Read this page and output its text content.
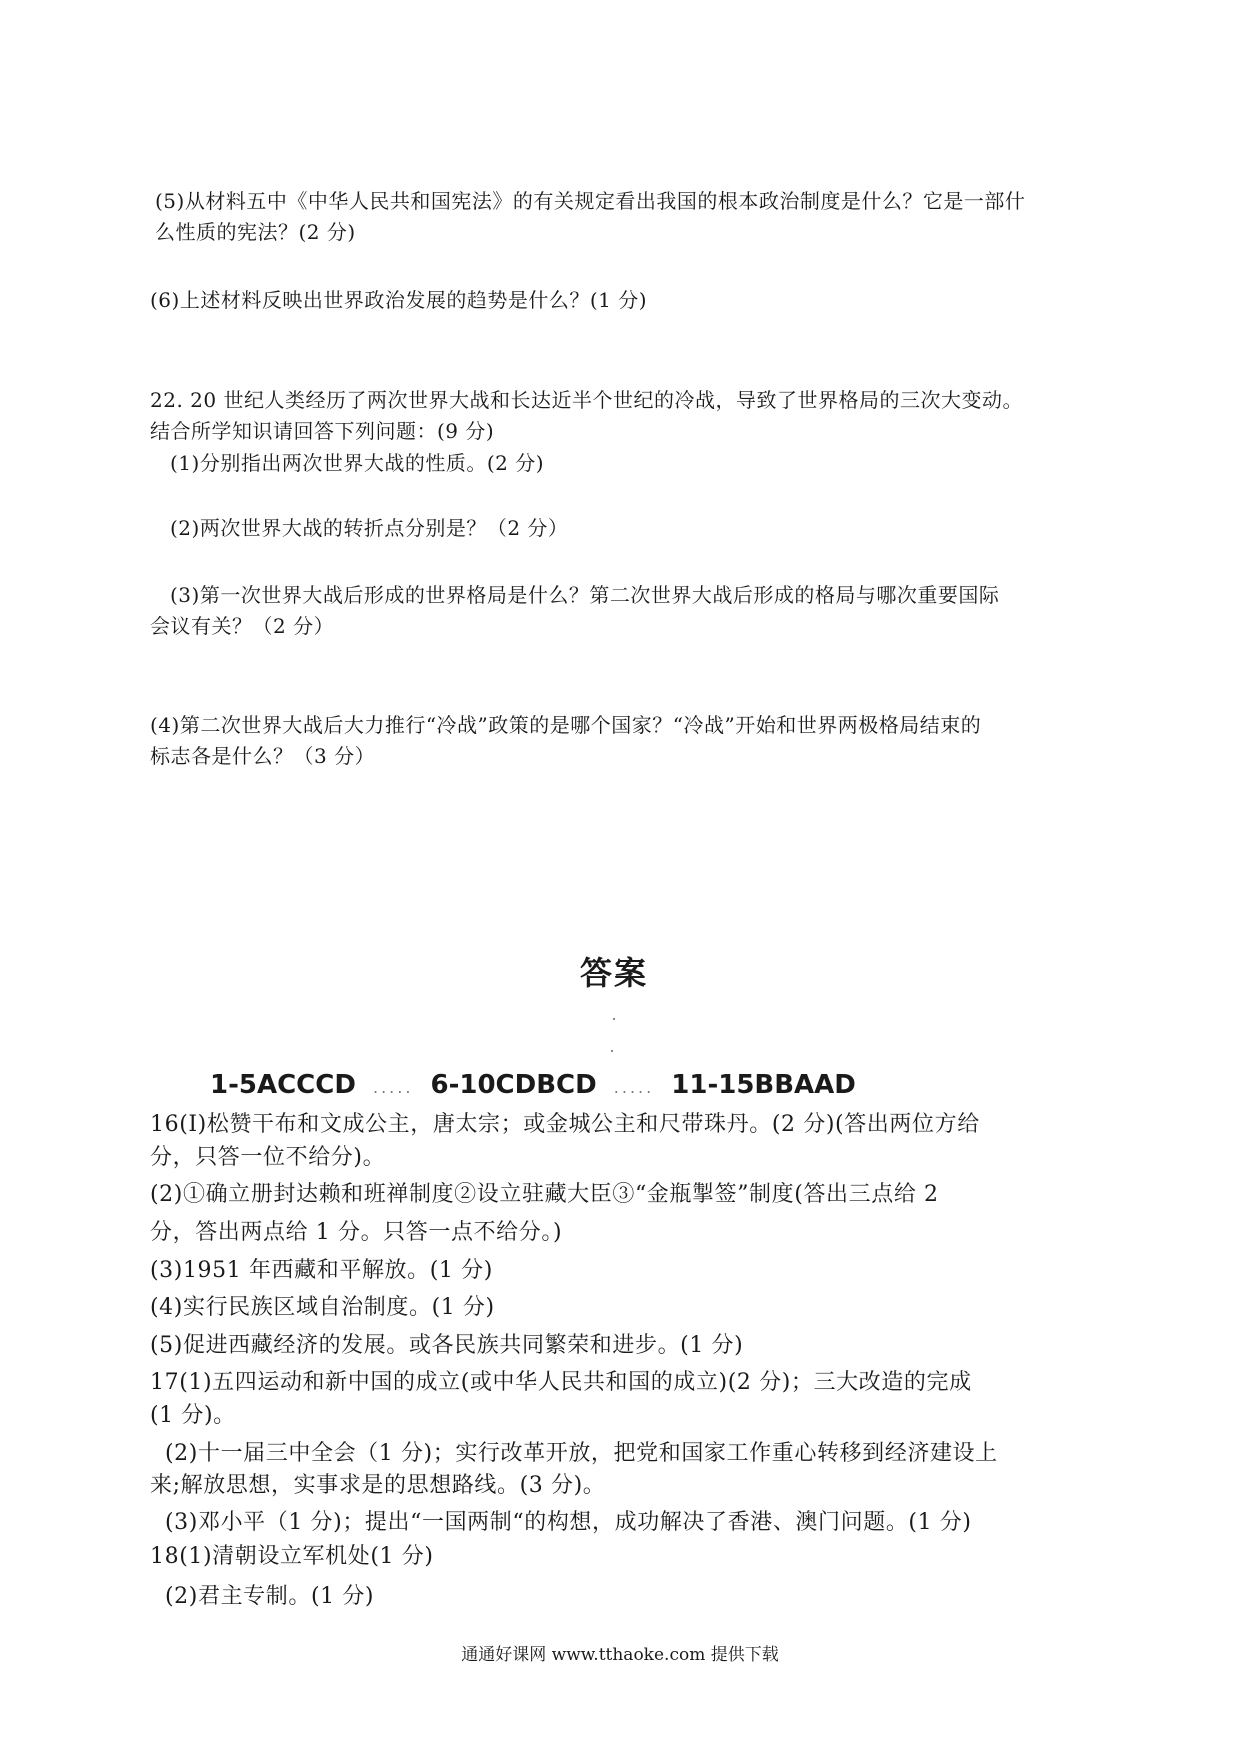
(5)从材料五中《中华人民共和国宪法》的有关规定看出我国的根本政治制度是什么？它是一部什
么性质的宪法？(2 分)
(6)上述材料反映出世界政治发展的趋势是什么？(1 分)
22. 20 世纪人类经历了两次世界大战和长达近半个世纪的冷战，导致了世界格局的三次大变动。
结合所学知识请回答下列问题：(9 分)
(1)分别指出两次世界大战的性质。(2 分)
(2)两次世界大战的转折点分别是？（2 分）
(3)第一次世界大战后形成的世界格局是什么？第二次世界大战后形成的格局与哪次重要国际
会议有关？（2 分）
(4)第二次世界大战后大力推行“冷战”政策的是哪个国家？“冷战”开始和世界两极格局结束的
标志各是什么？（3 分）
答案
1-5ACCCD ..... 6-10CDBCD ..... 11-15BBAAD
16(Ⅰ)松赞干布和文成公主，唐太宗；或金城公主和尺带珠丹。(2 分)(答出两位方给
分，只答一位不给分)。
(2)①确立册封达赖和班禅制度②设立驻藏大臣③“金瓶掣签”制度(答出三点给 2
分，答出两点给 1 分。只答一点不给分。)
(3)1951 年西藏和平解放。(1 分)
(4)实行民族区域自治制度。(1 分)
(5)促进西藏经济的发展。或各民族共同繁荣和进步。(1 分)
17(1)五四运动和新中国的成立(或中华人民共和国的成立)(2 分)；三大改造的完成
(1 分)。
(2)十一届三中全会（1 分)；实行改革开放，把党和国家工作重心转移到经济建设上
来;解放思想，实事求是的思想路线。(3 分)。
(3)邓小平（1 分)；提出“一国两制“的构想，成功解决了香港、澳门问题。(1 分)
18(1)清朝设立军机处(1 分)
(2)君主专制。(1 分)
通通好课网 www.tthaoke.com 提供下载
